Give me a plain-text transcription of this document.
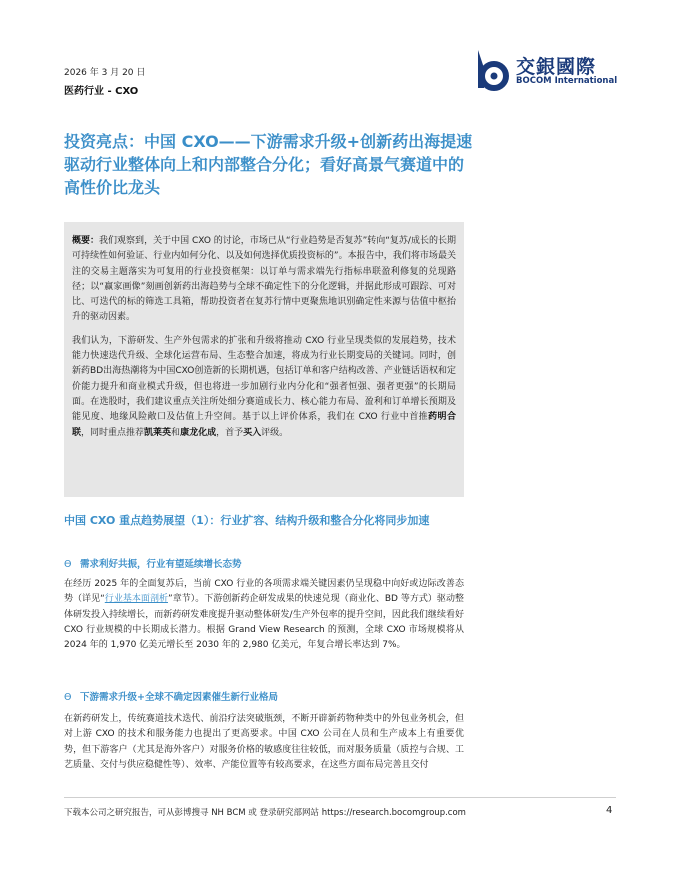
2026 年 3 月 20 日
医药行业 - CXO
交銀國際
BOCOM International
投资亮点：中国 CXO——下游需求升级+创新药出海提速驱动行业整体向上和内部整合分化；看好高景气赛道中的高性价比龙头

概要：我们观察到，关于中国 CXO 的讨论，市场已从“行业趋势是否复苏”转向“复苏/成长的长期可持续性如何验证、行业内如何分化、以及如何选择优质投资标的”。本报告中，我们将市场最关注的交易主题落实为可复用的行业投资框架：以订单与需求端先行指标串联盈利修复的兑现路径；以“赢家画像”刻画创新药出海趋势与全球不确定性下的分化逻辑，并据此形成可跟踪、可对比、可迭代的标的筛选工具箱，帮助投资者在复苏行情中更聚焦地识别确定性来源与估值中枢抬升的驱动因素。

我们认为，下游研发、生产外包需求的扩张和升级将推动 CXO 行业呈现类似的发展趋势，技术能力快速迭代升级、全球化运营布局、生态整合加速，将成为行业长期变局的关键词。同时，创新药BD出海热潮将为中国CXO创造新的长期机遇，包括订单和客户结构改善、产业链话语权和定价能力提升和商业模式升级，但也将进一步加剧行业内分化和“强者恒强、强者更强”的长期局面。在选股时，我们建议重点关注所处细分赛道成长力、核心能力布局、盈利和订单增长预期及能见度、地缘风险敞口及估值上升空间。基于以上评价体系，我们在 CXO 行业中首推药明合联，同时重点推荐凯莱英和康龙化成，首予买入评级。

中国 CXO 重点趋势展望（1）：行业扩容、结构升级和整合分化将同步加速
ϴ 需求利好共振，行业有望延续增长态势

在经历 2025 年的全面复苏后，当前 CXO 行业的各项需求端关键因素仍呈现稳中向好或边际改善态势（详见“行业基本面剖析”章节）。下游创新药企研发成果的快速兑现（商业化、BD 等方式）驱动整体研发投入持续增长，而新药研发难度提升驱动整体研发/生产外包率的提升空间，因此我们继续看好 CXO 行业规模的中长期成长潜力。根据 Grand View Research 的预测，全球 CXO 市场规模将从 2024 年的 1,970 亿美元增长至 2030 年的 2,980 亿美元，年复合增长率达到 7%。

ϴ 下游需求升级+全球不确定因素催生新行业格局

在新药研发上，传统赛道技术迭代、前沿疗法突破瓶颈，不断开辟新药物种类中的外包业务机会，但对上游 CXO 的技术和服务能力也提出了更高要求。中国 CXO 公司在人员和生产成本上有重要优势，但下游客户（尤其是海外客户）对服务价格的敏感度往往较低，而对服务质量（质控与合规、工艺质量、交付与供应稳健性等）、效率、产能位置等有较高要求，在这些方面布局完善且交付

下载本公司之研究报告，可从彭博搜寻 NH BCM 或 登录研究部网站 https://research.bocomgroup.com	4
